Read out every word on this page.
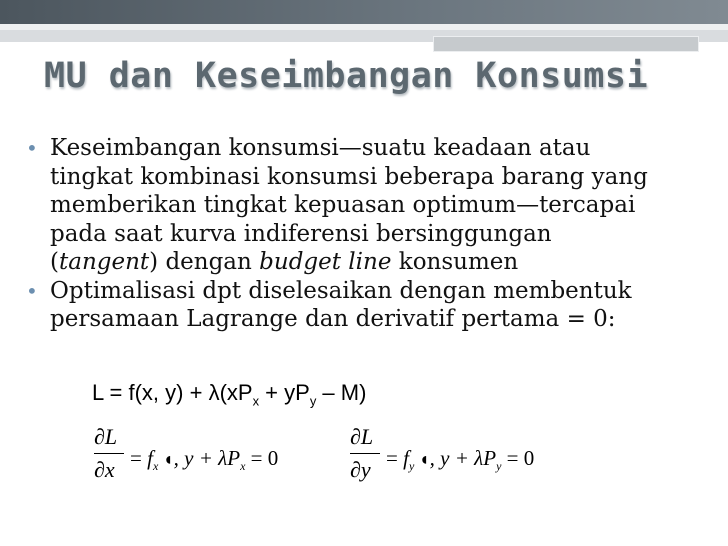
MU dan Keseimbangan Konsumsi
• Keseimbangan konsumsi—suatu keadaan atau
tingkat kombinasi konsumsi beberapa barang yang
memberikan tingkat kepuasan optimum—tercapai
pada saat kurva indiferensi bersinggungan
(tangent) dengan budget line konsumen
• Optimalisasi dpt diselesaikan dengan membentuk
persamaan Lagrange dan derivatif pertama = 0:
L = f(x, $y) + \lambda(xP_x + yP_y - M)$
∂L
$\partial x = f_x$ ◖, $y + \lambda P_x = 0$
∂L
$\partial y = f_y$ ◖, $y + \lambda P_y = 0$
